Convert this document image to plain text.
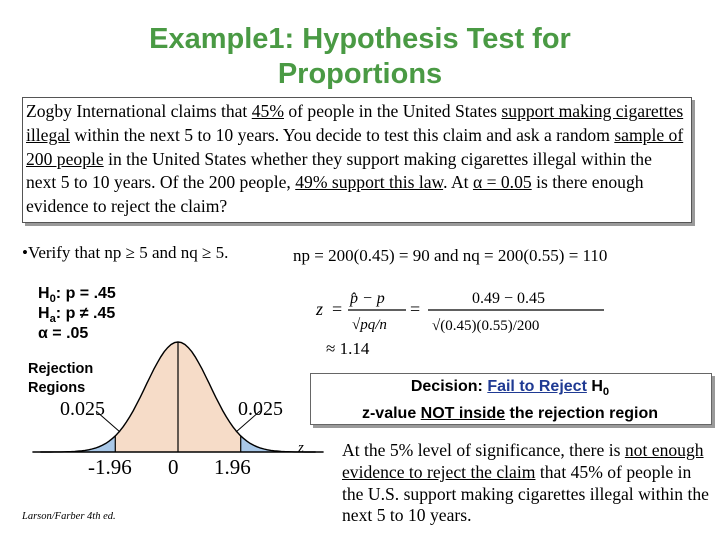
Example1: Hypothesis Test for
Proportions
Zogby International claims that 45% of people in the United States support making cigarettes illegal within the next 5 to 10 years. You decide to test this claim and ask a random sample of 200 people in the United States whether they support making cigarettes illegal within the next 5 to 10 years. Of the 200 people, 49% support this law. At α = 0.05 is there enough evidence to reject the claim?
•Verify that np ≥ 5 and nq ≥ 5.	np = 200(0.45) = 90 and nq = 200(0.55) = 110
$H_0$: p = .45
$H_a$: p ≠ .45
α = .05
z =
p̂ − p
√pq/n
=
0.49 − 0.45
√(0.45)(0.55)/200
≈ 1.14
Rejection
Regions
0.025	0.025
-1.96 0 1.96
z
Decision: Fail to Reject $H_0$
z-value NOT inside the rejection region
At the 5% level of significance, there is not enough evidence to reject the claim that 45% of people in the U.S. support making cigarettes illegal within the next 5 to 10 years.
Larson/Farber 4th ed.
